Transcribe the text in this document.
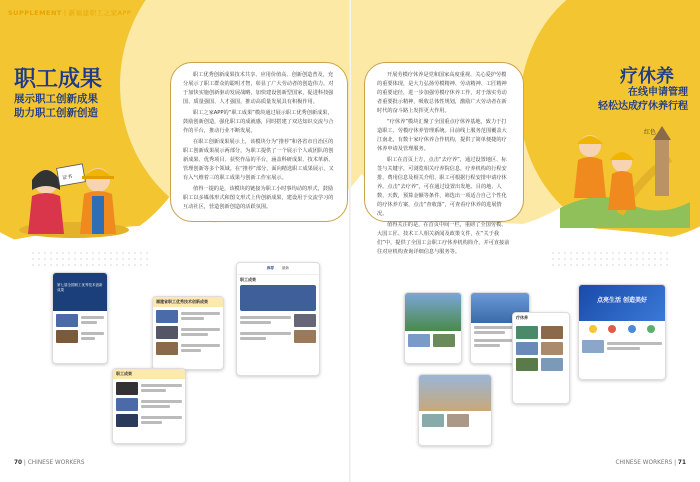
SUPPLEMENT | 新福建职工之家APP
职工成果
展示职工创新成果
助力职工创新创造
证书

职工优秀创新成果技术共享、应用价值高、创新创造普及，充分展示了职工群众的聪明才智，彰显了广大劳动者的创造伟力。对于加快实施创新驱动发展战略，加快建设创新型国家，促进科技强国、质量强国、人才强国，推动高质量发展具有积极作用。

职工之家APP的“职工成果”模块通过展示职工优秀创新成果，鼓励创新创造，强化职工的成就感，同时搭建了双达知识交流与合作的平台，推动行业不断发展。

在职工创新成果展示上，该模块分为“推荐”和各省市自治区的职工创新成果展示两部分，为职工提供了一个展示个人或团队的创新成果、优秀项目、获奖作品的平台，涵盖科研成果、技术革新、管理创新等多个领域。在“推荐”部分，面向精选职工成果展示，又有入气维着三的职工成果与创新工作室展示。

值得一提的是，该模块的链接为职工小时事均动的形式，鼓励职工以多媒体形式和图文形式上传创新成果，建设用于交流学习的互动社区，营造创新创造的活跃氛围。

第七届全国职工优秀技术创新成果
福建省职工优秀技术创新成果
职工成果
推荐 最新
职工成果
70 | CHINESE WORKERS

开展劳模疗休养是党和国家高度重视、关心爱护劳模的重要体现，是大力弘扬劳模精神、劳动精神、工匠精神的重要途径，进一步加强劳模疗休养工作，对于落实劳动者重要批示精神，吸收总体性规划，激励广大劳动者在新时代的奋斗路上发挥更大作用。

“疗休养”模块汇聚了全国重点疗休养基地，致力于打造职工、劳模疗休养管理系统。目前线上服务范围覆盖大江南北，有数十家疗休养合作机构，提供了简单便捷的疗休养申请及管理服务。

职工在首页上方，点击“去疗养”，通过设置地区、标签与关键字，可浏览相关疗养院信息，疗养机构的行程安排、费用信息及相关介绍、职工可根据行程安排申请疗休养。点击“去疗养”，可在通过设置出发地、目的地、人数、天数，预算金额等条件，筛选出一项适合自己个性化的疗休养方案，点击“查收落”，可查看疗休养的进展情况。

值得关注的是，在首页中间一栏，重磅了全国劳模、大国工匠、技术工人相关新闻及政策文件，在“关于我们”中，提供了全国工会职工疗休养机构简介，并可直接前往对应机构查询详细信息与服务等。

疗休养
在线申请管理
轻松达成疗休养行程
红色
疗休养
点亮生活 创造美好
CHINESE WORKERS | 71
